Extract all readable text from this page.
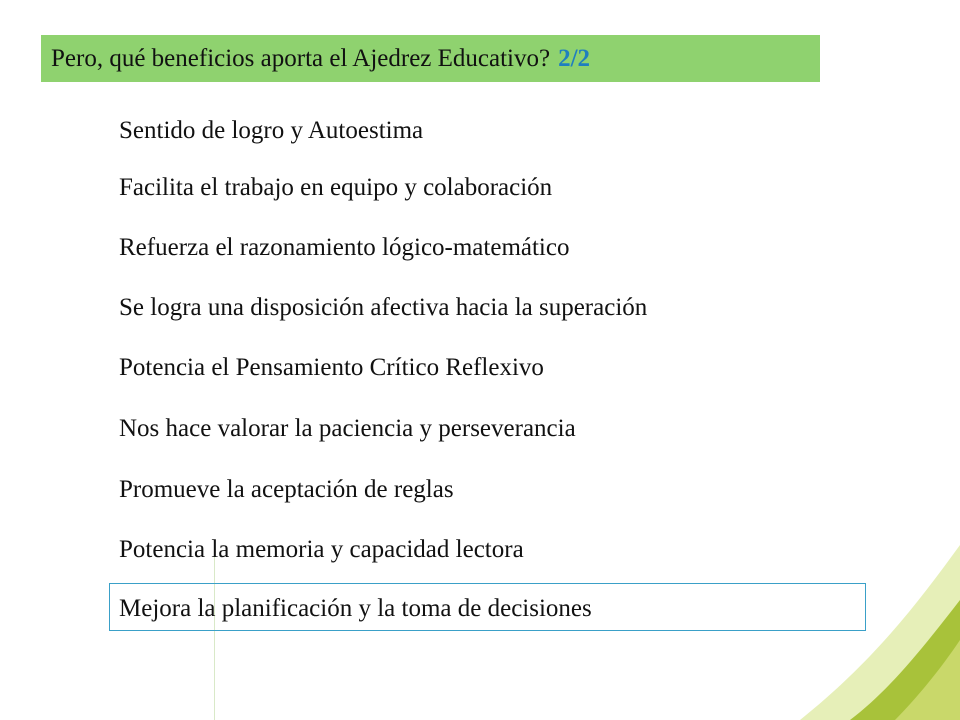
Pero, qué beneficios aporta el Ajedrez Educativo? 2/2
Sentido de logro y Autoestima
Facilita el trabajo en equipo y colaboración
Refuerza el razonamiento lógico-matemático
Se logra una disposición afectiva hacia la superación
Potencia el Pensamiento Crítico Reflexivo
Nos hace valorar la paciencia y perseverancia
Promueve la aceptación de reglas
Potencia la memoria y capacidad lectora
Mejora la planificación y la toma de decisiones
